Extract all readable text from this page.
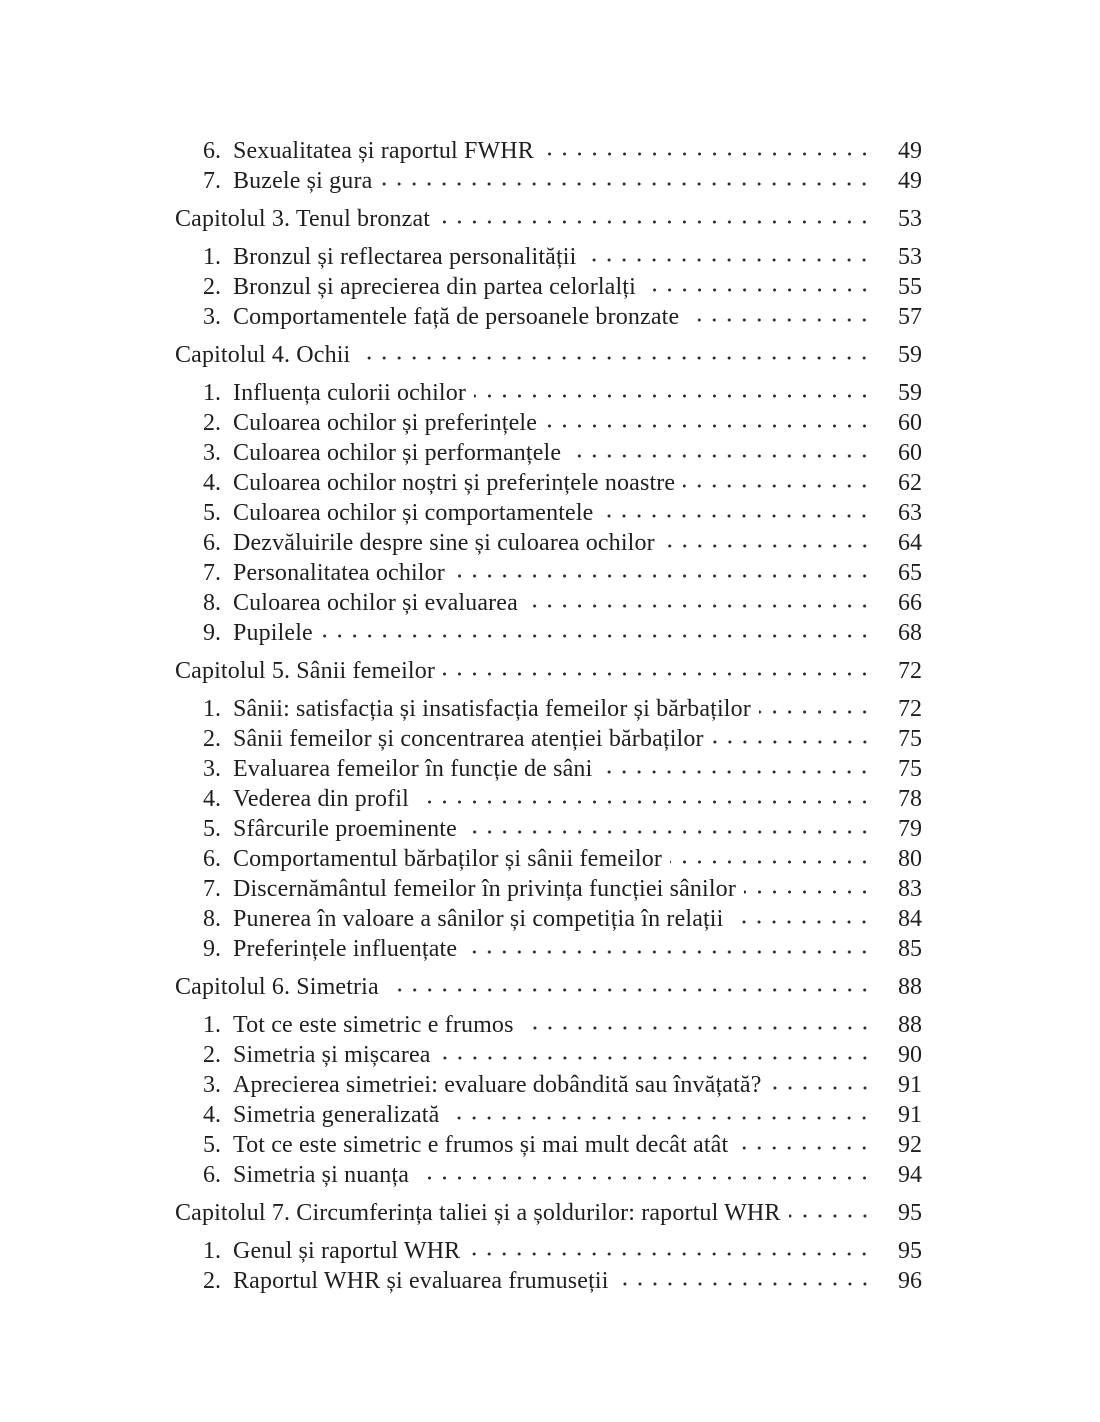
6. Sexualitatea și raportul FWHR	49
7. Buzele și gura	49
Capitolul 3. Tenul bronzat	53
1. Bronzul și reflectarea personalității	53
2. Bronzul și aprecierea din partea celorlalți	55
3. Comportamentele față de persoanele bronzate	57
Capitolul 4. Ochii	59
1. Influența culorii ochilor	59
2. Culoarea ochilor și preferințele	60
3. Culoarea ochilor și performanțele	60
4. Culoarea ochilor noștri și preferințele noastre	62
5. Culoarea ochilor și comportamentele	63
6. Dezvăluirile despre sine și culoarea ochilor	64
7. Personalitatea ochilor	65
8. Culoarea ochilor și evaluarea	66
9. Pupilele	68
Capitolul 5. Sânii femeilor	72
1. Sânii: satisfacția și insatisfacția femeilor și bărbaților	72
2. Sânii femeilor și concentrarea atenției bărbaților	75
3. Evaluarea femeilor în funcție de sâni	75
4. Vederea din profil	78
5. Sfârcurile proeminente	79
6. Comportamentul bărbaților și sânii femeilor	80
7. Discernământul femeilor în privința funcției sânilor	83
8. Punerea în valoare a sânilor și competiția în relații	84
9. Preferințele influențate	85
Capitolul 6. Simetria	88
1. Tot ce este simetric e frumos	88
2. Simetria și mișcarea	90
3. Aprecierea simetriei: evaluare dobândită sau învățată?	91
4. Simetria generalizată	91
5. Tot ce este simetric e frumos și mai mult decât atât	92
6. Simetria și nuanța	94
Capitolul 7. Circumferința taliei și a șoldurilor: raportul WHR	95
1. Genul și raportul WHR	95
2. Raportul WHR și evaluarea frumuseții	96
